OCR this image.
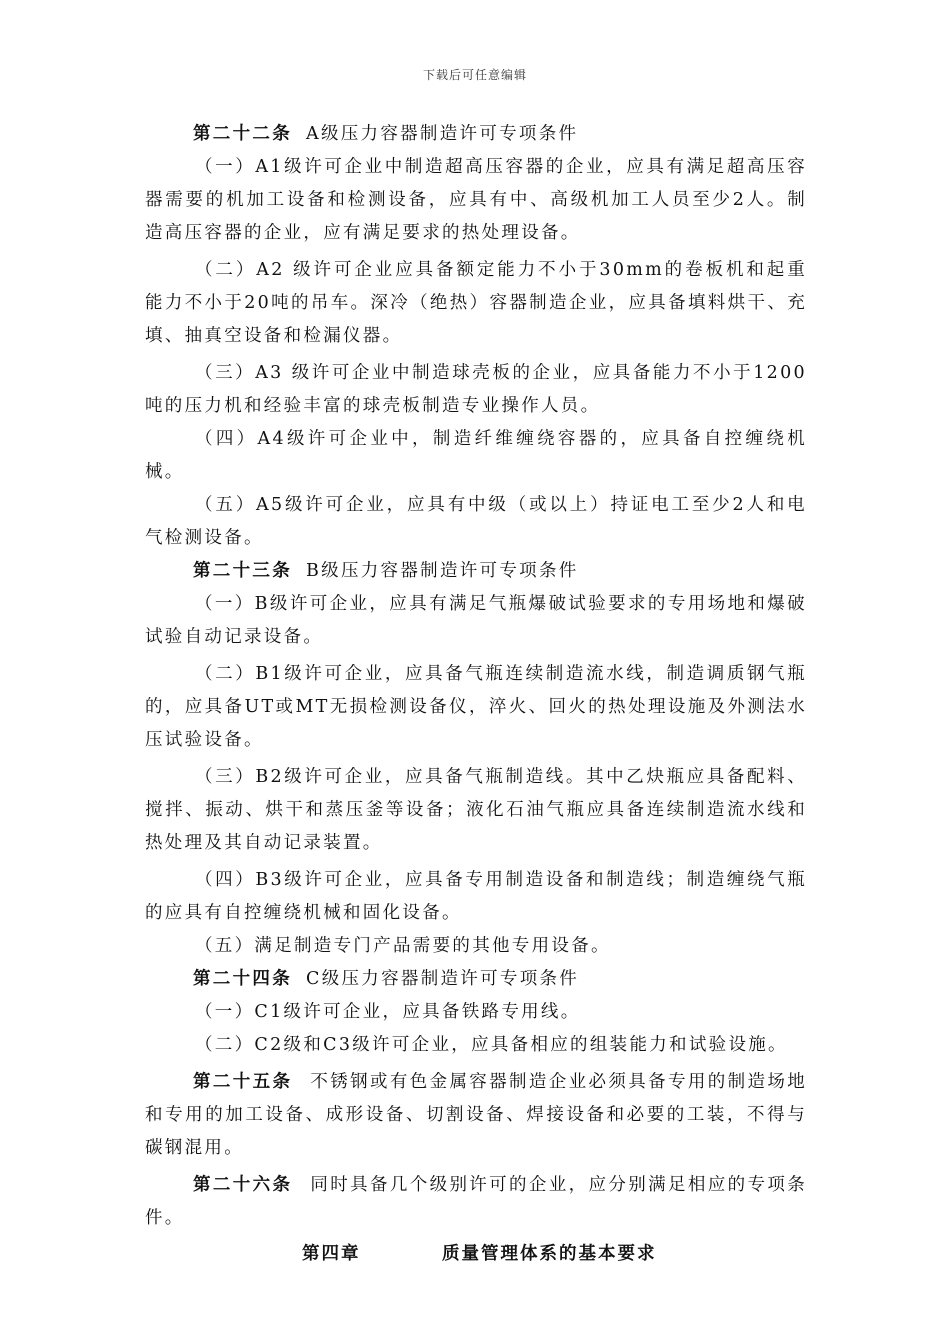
下载后可任意编辑

第二十二条 A级压力容器制造许可专项条件

（一）A1级许可企业中制造超高压容器的企业，应具有满足超高压容器需要的机加工设备和检测设备，应具有中、高级机加工人员至少2人。制造高压容器的企业，应有满足要求的热处理设备。

（二）A2 级许可企业应具备额定能力不小于30mm的卷板机和起重能力不小于20吨的吊车。深冷（绝热）容器制造企业，应具备填料烘干、充填、抽真空设备和检漏仪器。

（三）A3 级许可企业中制造球壳板的企业，应具备能力不小于1200吨的压力机和经验丰富的球壳板制造专业操作人员。

（四）A4级许可企业中，制造纤维缠绕容器的，应具备自控缠绕机械。

（五）A5级许可企业，应具有中级（或以上）持证电工至少2人和电气检测设备。

第二十三条 B级压力容器制造许可专项条件

（一）B级许可企业，应具有满足气瓶爆破试验要求的专用场地和爆破试验自动记录设备。

（二）B1级许可企业，应具备气瓶连续制造流水线，制造调质钢气瓶的，应具备UT或MT无损检测设备仪，淬火、回火的热处理设施及外测法水压试验设备。

（三）B2级许可企业，应具备气瓶制造线。其中乙炔瓶应具备配料、搅拌、振动、烘干和蒸压釜等设备；液化石油气瓶应具备连续制造流水线和热处理及其自动记录装置。

（四）B3级许可企业，应具备专用制造设备和制造线；制造缠绕气瓶的应具有自控缠绕机械和固化设备。

（五）满足制造专门产品需要的其他专用设备。

第二十四条 C级压力容器制造许可专项条件

（一）C1级许可企业，应具备铁路专用线。

（二）C2级和C3级许可企业，应具备相应的组装能力和试验设施。

第二十五条 不锈钢或有色金属容器制造企业必须具备专用的制造场地和专用的加工设备、成形设备、切割设备、焊接设备和必要的工装，不得与碳钢混用。

第二十六条 同时具备几个级别许可的企业，应分别满足相应的专项条件。

第四章	质量管理体系的基本要求
